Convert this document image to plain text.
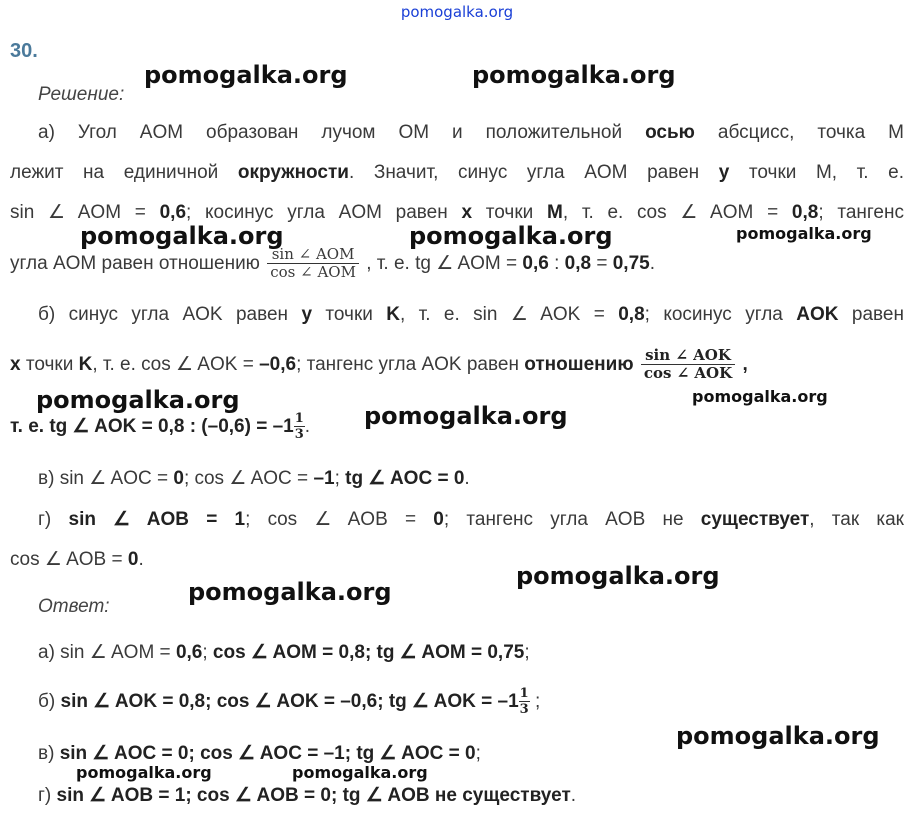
pomogalka.org
30.
Решение:
а) Угол AOM образован лучом OM и положительной осью абсцисс, точка M
лежит на единичной окружности. Значит, синус угла AOM равен y точки M, т. е.
sin ∠ AOM = 0,6; косинус угла AOM равен x точки M, т. е. cos ∠ AOM = 0,8; тангенс
угла AOM равен отношению $\frac{\text{sin ∠ AOM}}{\text{cos ∠ AOM}}$ , т. е. tg ∠ AOM = 0,6 : 0,8 = 0,75.
б) синус угла AOK равен y точки K, т. е. sin ∠ AOK = 0,8; косинус угла AOK равен
x точки K, т. е. cos ∠ AOK = –0,6; тангенс угла AOK равен отношению $\frac{\text{sin ∠ AOK}}{\text{cos ∠ AOK}}$ ,
т. е. tg ∠ AOK = 0,8 : $(-0,6) = -1 \frac{1}{3}$ .
в) sin ∠ AOC = 0; cos ∠ AOC = –1; tg ∠ AOC = 0.
г) sin ∠ AOB = 1; cos ∠ AOB = 0; тангенс угла AOB не существует, так как
cos ∠ AOB = 0.
Ответ:
а) sin ∠ AOM = 0,6; cos ∠ AOM = 0,8; tg ∠ AOM = 0,75;
б) sin ∠ AOK = 0,8; cos ∠ AOK = –0,6; tg ∠ AOK = $-1 \frac{1}{3}$ ;
в) sin ∠ AOC = 0; cos ∠ AOC = –1; tg ∠ AOC = 0;
г) sin ∠ AOB = 1; cos ∠ AOB = 0; tg ∠ AOB не существует.
pomogalka.org	pomogalka.org
pomogalka.org	pomogalka.org	pomogalka.org
pomogalka.org	pomogalka.org
pomogalka.org
pomogalka.org
pomogalka.org
pomogalka.org
pomogalka.org	pomogalka.org
